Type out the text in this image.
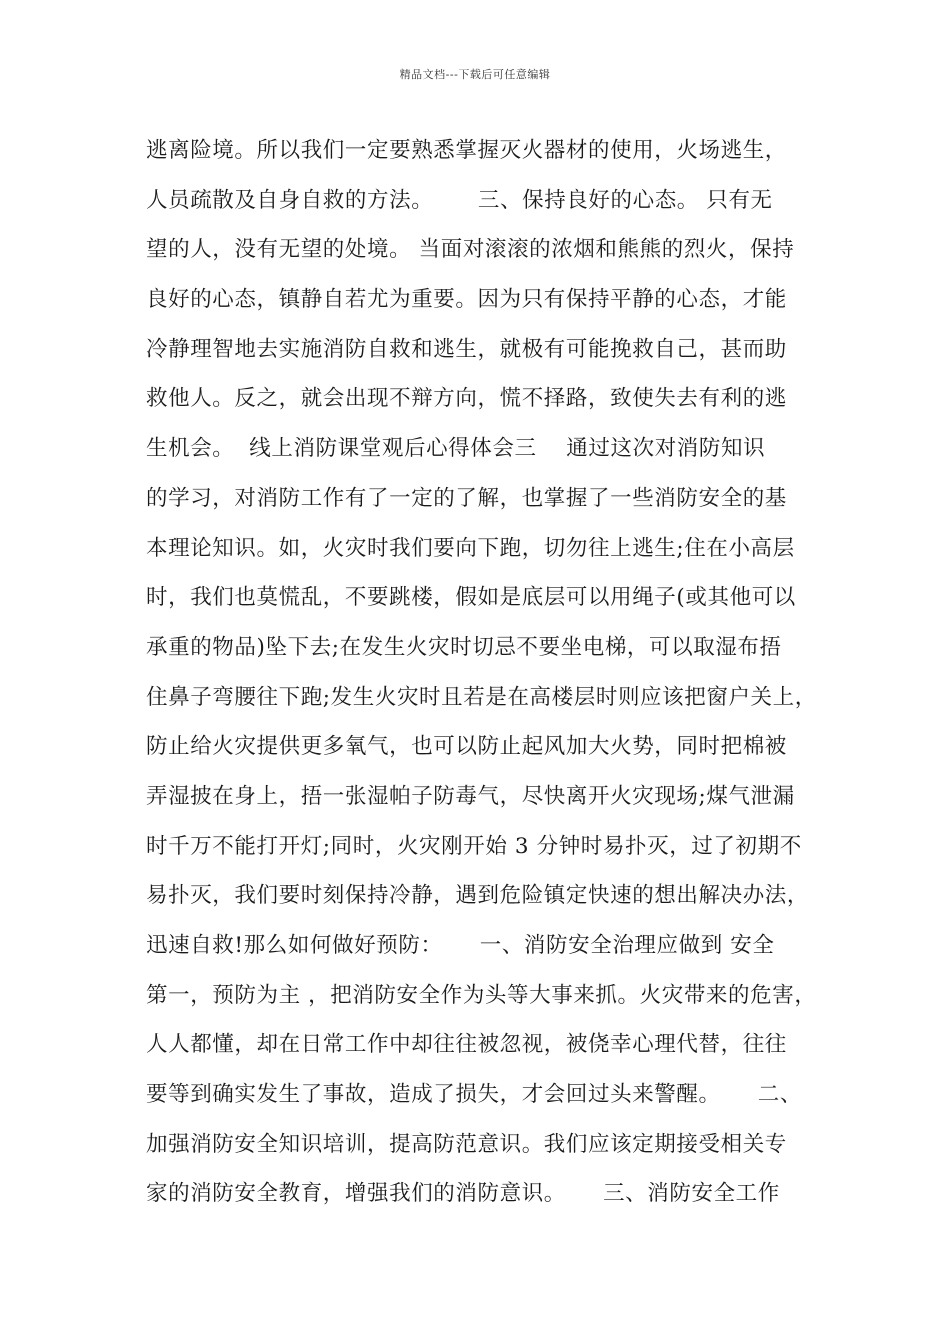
精品文档---下载后可任意编辑
逃离险境。所以我们一定要熟悉掌握灭火器材的使用，火场逃生，
人员疏散及自身自救的方法。      三、保持良好的心态。 只有无
望的人，没有无望的处境。 当面对滚滚的浓烟和熊熊的烈火，保持
良好的心态，镇静自若尤为重要。因为只有保持平静的心态，才能
冷静理智地去实施消防自救和逃生，就极有可能挽救自己，甚而助
救他人。反之，就会出现不辩方向，慌不择路，致使失去有利的逃
生机会。  线上消防课堂观后心得体会三    通过这次对消防知识
的学习，对消防工作有了一定的了解，也掌握了一些消防安全的基
本理论知识。如，火灾时我们要向下跑，切勿往上逃生;住在小高层
时，我们也莫慌乱，不要跳楼，假如是底层可以用绳子(或其他可以
承重的物品)坠下去;在发生火灾时切忌不要坐电梯，可以取湿布捂
住鼻子弯腰往下跑;发生火灾时且若是在高楼层时则应该把窗户关上，
防止给火灾提供更多氧气，也可以防止起风加大火势，同时把棉被
弄湿披在身上，捂一张湿帕子防毒气，尽快离开火灾现场;煤气泄漏
时千万不能打开灯;同时，火灾刚开始 3 分钟时易扑灭，过了初期不
易扑灭，我们要时刻保持冷静，遇到危险镇定快速的想出解决办法，
迅速自救!那么如何做好预防：     一、消防安全治理应做到 安全
第一，预防为主 ，把消防安全作为头等大事来抓。火灾带来的危害，
人人都懂，却在日常工作中却往往被忽视，被侥幸心理代替，往往
要等到确实发生了事故，造成了损失，才会回过头来警醒。     二、
加强消防安全知识培训，提高防范意识。我们应该定期接受相关专
家的消防安全教育，增强我们的消防意识。     三、消防安全工作
